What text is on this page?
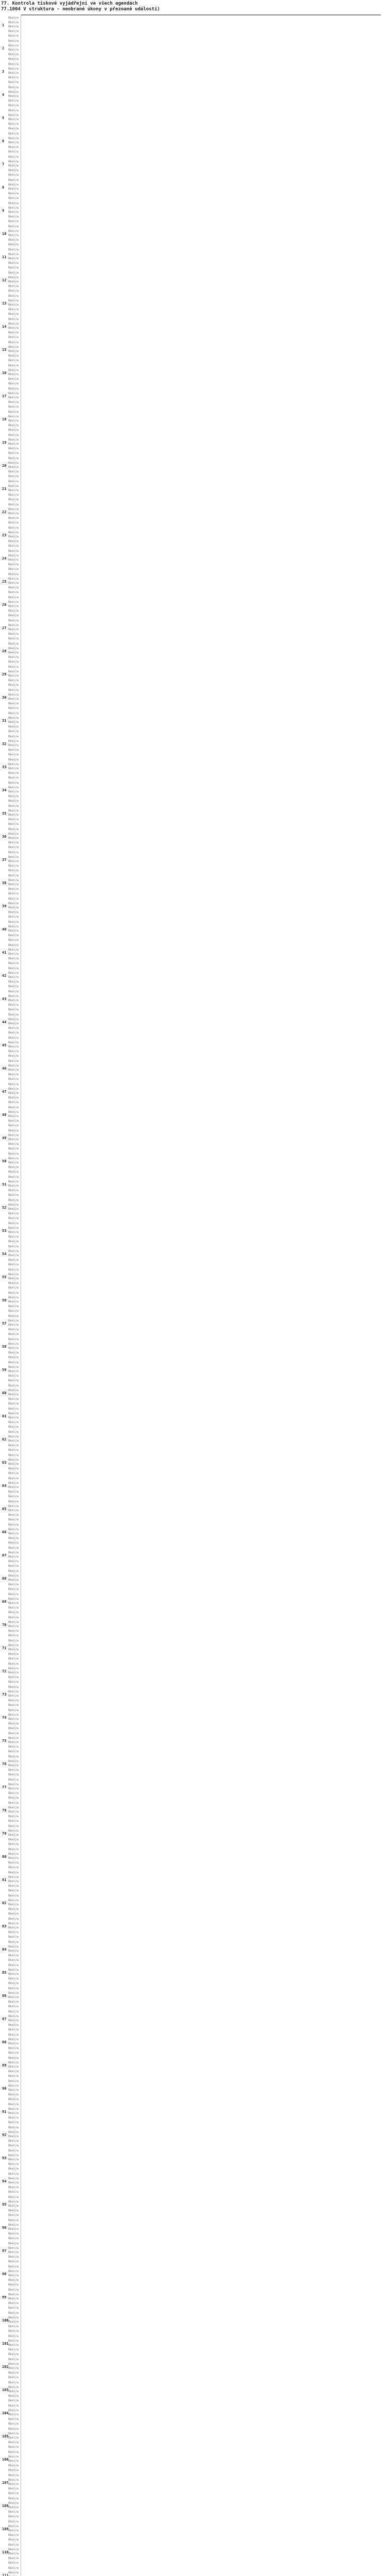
77. Kontrola tiskové vyjádřejní ve všech agendách
77.1004 V struktura - neobrané úkony v přezoaně událostí)
1
Úkol/a
Úkol/a
Úkol/a
Úkol/a
Úkol/a
2
Úkol/a
Úkol/a
Úkol/a
Úkol/a
Úkol/a
3
Úkol/a
Úkol/a
Úkol/a
Úkol/a
Úkol/a
4
Úkol/a
Úkol/a
Úkol/a
Úkol/a
Úkol/a
5
Úkol/a
Úkol/a
Úkol/a
Úkol/a
Úkol/a
6
Úkol/a
Úkol/a
Úkol/a
Úkol/a
Úkol/a
7
Úkol/a
Úkol/a
Úkol/a
Úkol/a
Úkol/a
8
Úkol/a
Úkol/a
Úkol/a
Úkol/a
Úkol/a
9
Úkol/a
Úkol/a
Úkol/a
Úkol/a
Úkol/a
10
Úkol/a
Úkol/a
Úkol/a
Úkol/a
Úkol/a
11
Úkol/a
Úkol/a
Úkol/a
Úkol/a
Úkol/a
12
Úkol/a
Úkol/a
Úkol/a
Úkol/a
Úkol/a
13
Úkol/a
Úkol/a
Úkol/a
Úkol/a
Úkol/a
14
Úkol/a
Úkol/a
Úkol/a
Úkol/a
Úkol/a
15
Úkol/a
Úkol/a
Úkol/a
Úkol/a
Úkol/a
16
Úkol/a
Úkol/a
Úkol/a
Úkol/a
Úkol/a
17
Úkol/a
Úkol/a
Úkol/a
Úkol/a
Úkol/a
18
Úkol/a
Úkol/a
Úkol/a
Úkol/a
Úkol/a
19
Úkol/a
Úkol/a
Úkol/a
Úkol/a
Úkol/a
20
Úkol/a
Úkol/a
Úkol/a
Úkol/a
Úkol/a
21
Úkol/a
Úkol/a
Úkol/a
Úkol/a
Úkol/a
22
Úkol/a
Úkol/a
Úkol/a
Úkol/a
Úkol/a
23
Úkol/a
Úkol/a
Úkol/a
Úkol/a
Úkol/a
24
Úkol/a
Úkol/a
Úkol/a
Úkol/a
Úkol/a
25
Úkol/a
Úkol/a
Úkol/a
Úkol/a
Úkol/a
26
Úkol/a
Úkol/a
Úkol/a
Úkol/a
Úkol/a
27
Úkol/a
Úkol/a
Úkol/a
Úkol/a
Úkol/a
28
Úkol/a
Úkol/a
Úkol/a
Úkol/a
Úkol/a
29
Úkol/a
Úkol/a
Úkol/a
Úkol/a
Úkol/a
30
Úkol/a
Úkol/a
Úkol/a
Úkol/a
Úkol/a
31
Úkol/a
Úkol/a
Úkol/a
Úkol/a
Úkol/a
32
Úkol/a
Úkol/a
Úkol/a
Úkol/a
Úkol/a
33
Úkol/a
Úkol/a
Úkol/a
Úkol/a
Úkol/a
34
Úkol/a
Úkol/a
Úkol/a
Úkol/a
Úkol/a
35
Úkol/a
Úkol/a
Úkol/a
Úkol/a
Úkol/a
36
Úkol/a
Úkol/a
Úkol/a
Úkol/a
Úkol/a
37
Úkol/a
Úkol/a
Úkol/a
Úkol/a
Úkol/a
38
Úkol/a
Úkol/a
Úkol/a
Úkol/a
Úkol/a
39
Úkol/a
Úkol/a
Úkol/a
Úkol/a
Úkol/a
40
Úkol/a
Úkol/a
Úkol/a
Úkol/a
Úkol/a
41
Úkol/a
Úkol/a
Úkol/a
Úkol/a
Úkol/a
42
Úkol/a
Úkol/a
Úkol/a
Úkol/a
Úkol/a
43
Úkol/a
Úkol/a
Úkol/a
Úkol/a
Úkol/a
44
Úkol/a
Úkol/a
Úkol/a
Úkol/a
Úkol/a
45
Úkol/a
Úkol/a
Úkol/a
Úkol/a
Úkol/a
46
Úkol/a
Úkol/a
Úkol/a
Úkol/a
Úkol/a
47
Úkol/a
Úkol/a
Úkol/a
Úkol/a
Úkol/a
48
Úkol/a
Úkol/a
Úkol/a
Úkol/a
Úkol/a
49
Úkol/a
Úkol/a
Úkol/a
Úkol/a
Úkol/a
50
Úkol/a
Úkol/a
Úkol/a
Úkol/a
Úkol/a
51
Úkol/a
Úkol/a
Úkol/a
Úkol/a
Úkol/a
52
Úkol/a
Úkol/a
Úkol/a
Úkol/a
Úkol/a
53
Úkol/a
Úkol/a
Úkol/a
Úkol/a
Úkol/a
54
Úkol/a
Úkol/a
Úkol/a
Úkol/a
Úkol/a
55
Úkol/a
Úkol/a
Úkol/a
Úkol/a
Úkol/a
56
Úkol/a
Úkol/a
Úkol/a
Úkol/a
Úkol/a
57
Úkol/a
Úkol/a
Úkol/a
Úkol/a
Úkol/a
58
Úkol/a
Úkol/a
Úkol/a
Úkol/a
Úkol/a
59
Úkol/a
Úkol/a
Úkol/a
Úkol/a
Úkol/a
60
Úkol/a
Úkol/a
Úkol/a
Úkol/a
Úkol/a
61
Úkol/a
Úkol/a
Úkol/a
Úkol/a
Úkol/a
62
Úkol/a
Úkol/a
Úkol/a
Úkol/a
Úkol/a
63
Úkol/a
Úkol/a
Úkol/a
Úkol/a
Úkol/a
64
Úkol/a
Úkol/a
Úkol/a
Úkol/a
Úkol/a
65
Úkol/a
Úkol/a
Úkol/a
Úkol/a
Úkol/a
66
Úkol/a
Úkol/a
Úkol/a
Úkol/a
Úkol/a
67
Úkol/a
Úkol/a
Úkol/a
Úkol/a
Úkol/a
68
Úkol/a
Úkol/a
Úkol/a
Úkol/a
Úkol/a
69
Úkol/a
Úkol/a
Úkol/a
Úkol/a
Úkol/a
70
Úkol/a
Úkol/a
Úkol/a
Úkol/a
Úkol/a
71
Úkol/a
Úkol/a
Úkol/a
Úkol/a
Úkol/a
72
Úkol/a
Úkol/a
Úkol/a
Úkol/a
Úkol/a
73
Úkol/a
Úkol/a
Úkol/a
Úkol/a
Úkol/a
74
Úkol/a
Úkol/a
Úkol/a
Úkol/a
Úkol/a
75
Úkol/a
Úkol/a
Úkol/a
Úkol/a
Úkol/a
76
Úkol/a
Úkol/a
Úkol/a
Úkol/a
Úkol/a
77
Úkol/a
Úkol/a
Úkol/a
Úkol/a
Úkol/a
78
Úkol/a
Úkol/a
Úkol/a
Úkol/a
Úkol/a
79
Úkol/a
Úkol/a
Úkol/a
Úkol/a
Úkol/a
80
Úkol/a
Úkol/a
Úkol/a
Úkol/a
Úkol/a
81
Úkol/a
Úkol/a
Úkol/a
Úkol/a
Úkol/a
82
Úkol/a
Úkol/a
Úkol/a
Úkol/a
Úkol/a
83
Úkol/a
Úkol/a
Úkol/a
Úkol/a
Úkol/a
84
Úkol/a
Úkol/a
Úkol/a
Úkol/a
Úkol/a
85
Úkol/a
Úkol/a
Úkol/a
Úkol/a
Úkol/a
86
Úkol/a
Úkol/a
Úkol/a
Úkol/a
Úkol/a
87
Úkol/a
Úkol/a
Úkol/a
Úkol/a
Úkol/a
88
Úkol/a
Úkol/a
Úkol/a
Úkol/a
Úkol/a
89
Úkol/a
Úkol/a
Úkol/a
Úkol/a
Úkol/a
90
Úkol/a
Úkol/a
Úkol/a
Úkol/a
Úkol/a
91
Úkol/a
Úkol/a
Úkol/a
Úkol/a
Úkol/a
92
Úkol/a
Úkol/a
Úkol/a
Úkol/a
Úkol/a
93
Úkol/a
Úkol/a
Úkol/a
Úkol/a
Úkol/a
94
Úkol/a
Úkol/a
Úkol/a
Úkol/a
Úkol/a
95
Úkol/a
Úkol/a
Úkol/a
Úkol/a
Úkol/a
96
Úkol/a
Úkol/a
Úkol/a
Úkol/a
Úkol/a
97
Úkol/a
Úkol/a
Úkol/a
Úkol/a
Úkol/a
98
Úkol/a
Úkol/a
Úkol/a
Úkol/a
Úkol/a
99
Úkol/a
Úkol/a
Úkol/a
Úkol/a
Úkol/a
100
Úkol/a
Úkol/a
Úkol/a
Úkol/a
Úkol/a
101
Úkol/a
Úkol/a
Úkol/a
Úkol/a
Úkol/a
102
Úkol/a
Úkol/a
Úkol/a
Úkol/a
Úkol/a
103
Úkol/a
Úkol/a
Úkol/a
Úkol/a
Úkol/a
104
Úkol/a
Úkol/a
Úkol/a
Úkol/a
Úkol/a
105
Úkol/a
Úkol/a
Úkol/a
Úkol/a
Úkol/a
106
Úkol/a
Úkol/a
Úkol/a
Úkol/a
Úkol/a
107
Úkol/a
Úkol/a
Úkol/a
Úkol/a
Úkol/a
108
Úkol/a
Úkol/a
Úkol/a
Úkol/a
Úkol/a
109
Úkol/a
Úkol/a
Úkol/a
Úkol/a
Úkol/a
110
Úkol/a
Úkol/a
Úkol/a
Úkol/a
Úkol/a
111
Úkol/a
Úkol/a
